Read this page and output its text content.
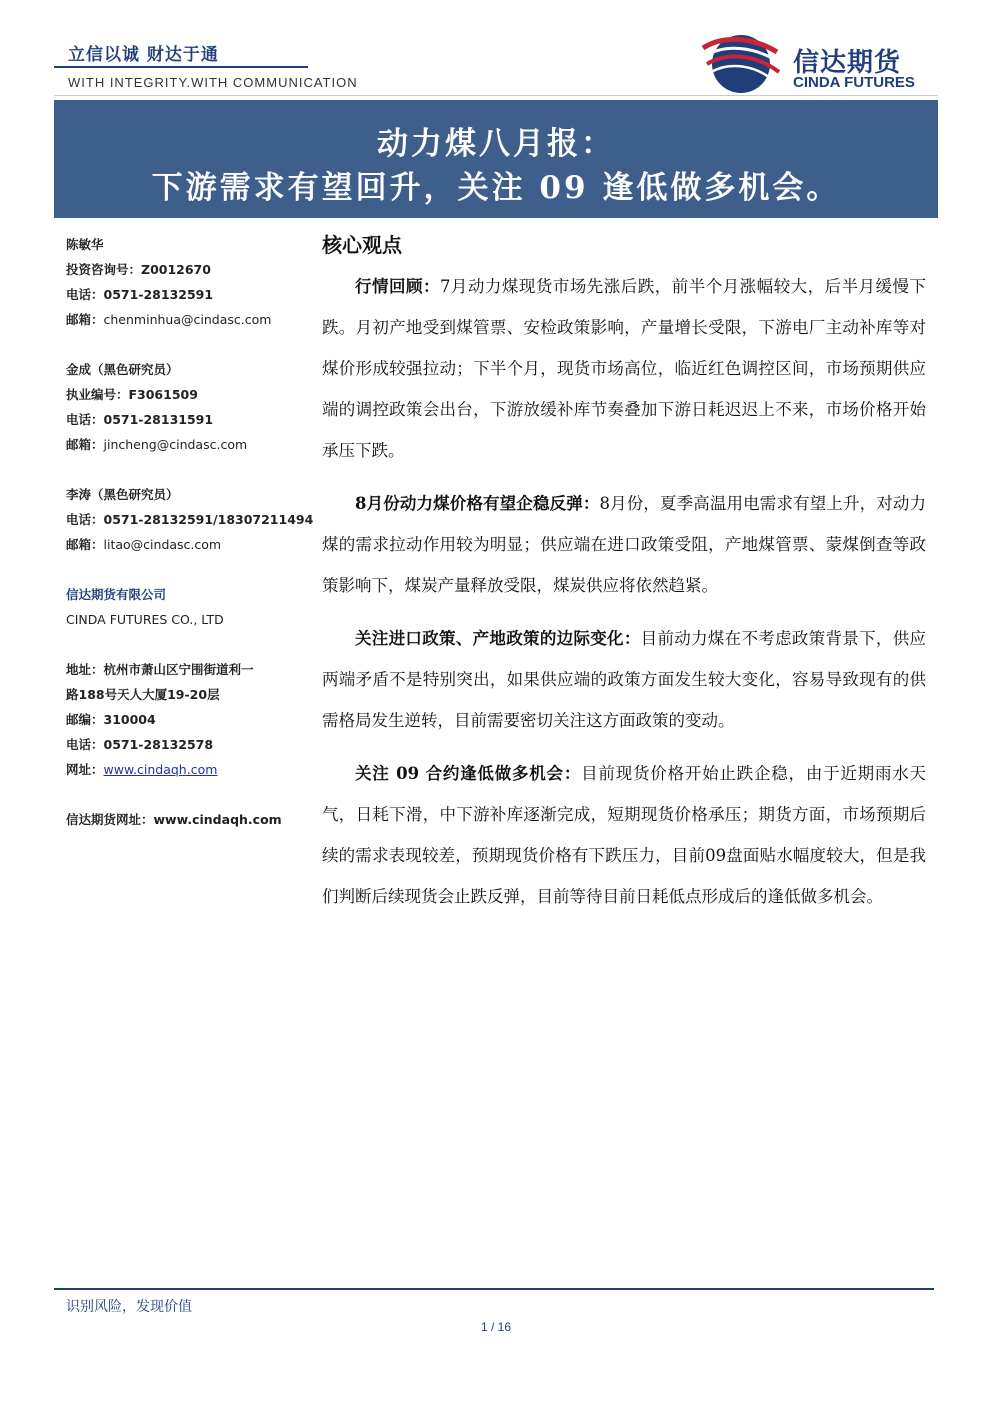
立信以诚 财达于通
WITH INTEGRITY.WITH COMMUNICATION
信达期货
CINDA FUTURES
动力煤八月报：
下游需求有望回升，关注 09 逢低做多机会。
陈敏华
投资咨询号：Z0012670
电话：0571-28132591
邮箱：chenminhua@cindasc.com
金成（黑色研究员）
执业编号：F3061509
电话：0571-28131591
邮箱：jincheng@cindasc.com
李涛（黑色研究员）
电话：0571-28132591/18307211494
邮箱：litao@cindasc.com
信达期货有限公司
CINDA FUTURES CO., LTD
地址：杭州市萧山区宁围街道利一
路188号天人大厦19-20层
邮编：310004
电话：0571-28132578
网址：www.cindaqh.com
信达期货网址：www.cindaqh.com
核心观点

行情回顾：7月动力煤现货市场先涨后跌，前半个月涨幅较大，后半月缓慢下跌。月初产地受到煤管票、安检政策影响，产量增长受限，下游电厂主动补库等对煤价形成较强拉动；下半个月，现货市场高位，临近红色调控区间，市场预期供应端的调控政策会出台，下游放缓补库节奏叠加下游日耗迟迟上不来，市场价格开始承压下跌。

8月份动力煤价格有望企稳反弹：8月份，夏季高温用电需求有望上升，对动力煤的需求拉动作用较为明显；供应端在进口政策受阻，产地煤管票、蒙煤倒查等政策影响下，煤炭产量释放受限，煤炭供应将依然趋紧。

关注进口政策、产地政策的边际变化：目前动力煤在不考虑政策背景下，供应两端矛盾不是特别突出，如果供应端的政策方面发生较大变化，容易导致现有的供需格局发生逆转，目前需要密切关注这方面政策的变动。

关注 09 合约逢低做多机会：目前现货价格开始止跌企稳，由于近期雨水天气，日耗下滑，中下游补库逐渐完成，短期现货价格承压；期货方面，市场预期后续的需求表现较差，预期现货价格有下跌压力，目前09盘面贴水幅度较大，但是我们判断后续现货会止跌反弹，目前等待目前日耗低点形成后的逢低做多机会。

识别风险，发现价值
1 / 16
